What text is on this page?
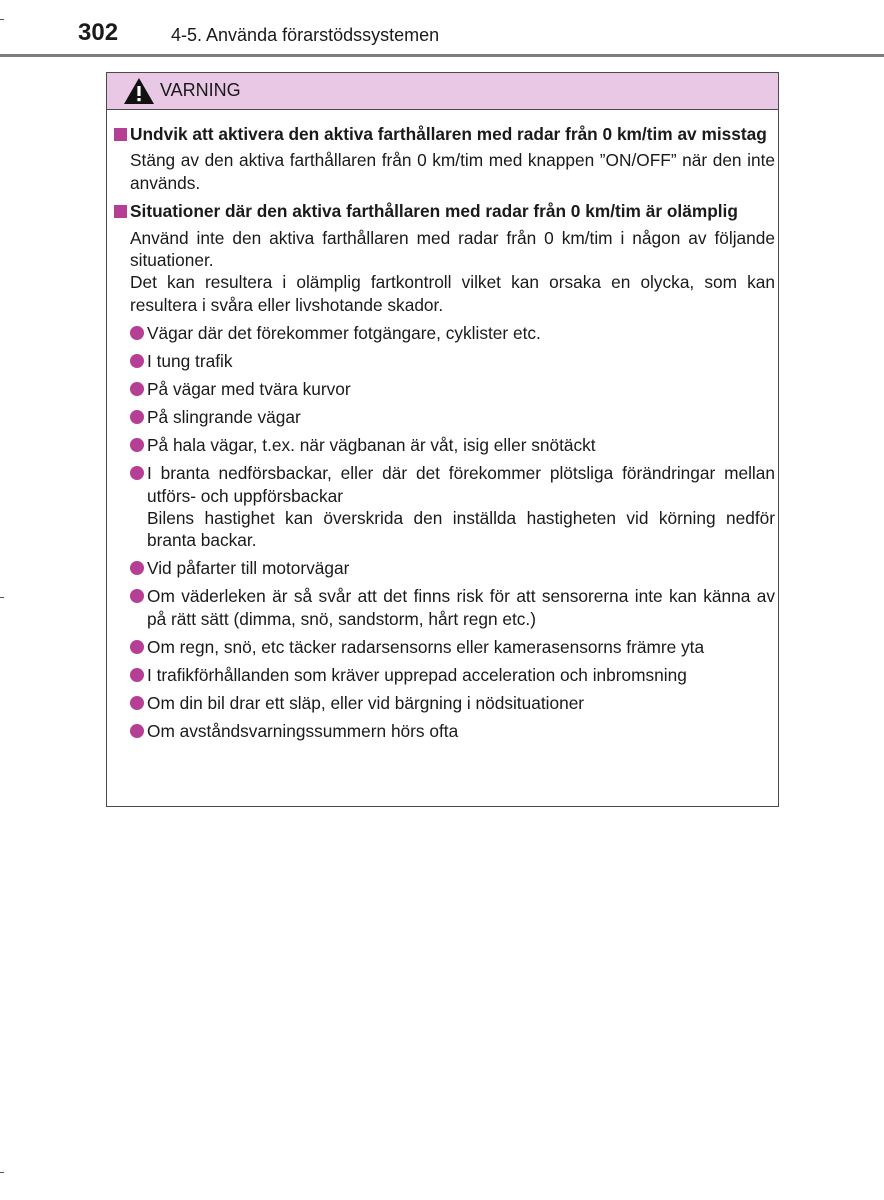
302	4-5. Använda förarstödssystemen
VARNING
Undvik att aktivera den aktiva farthållaren med radar från 0 km/tim av misstag
Stäng av den aktiva farthållaren från 0 km/tim med knappen ”ON/OFF” när den inte används.
Situationer där den aktiva farthållaren med radar från 0 km/tim är olämplig
Använd inte den aktiva farthållaren med radar från 0 km/tim i någon av följande situationer.
Det kan resultera i olämplig fartkontroll vilket kan orsaka en olycka, som kan resultera i svåra eller livshotande skador.
Vägar där det förekommer fotgängare, cyklister etc.
I tung trafik
På vägar med tvära kurvor
På slingrande vägar
På hala vägar, t.ex. när vägbanan är våt, isig eller snötäckt
I branta nedförsbackar, eller där det förekommer plötsliga förändringar mellan utförs- och uppförsbackar
Bilens hastighet kan överskrida den inställda hastigheten vid körning nedför branta backar.
Vid påfarter till motorvägar
Om väderleken är så svår att det finns risk för att sensorerna inte kan känna av på rätt sätt (dimma, snö, sandstorm, hårt regn etc.)
Om regn, snö, etc täcker radarsensorns eller kamerasensorns främre yta
I trafikförhållanden som kräver upprepad acceleration och inbromsning
Om din bil drar ett släp, eller vid bärgning i nödsituationer
Om avståndsvarningssummern hörs ofta
